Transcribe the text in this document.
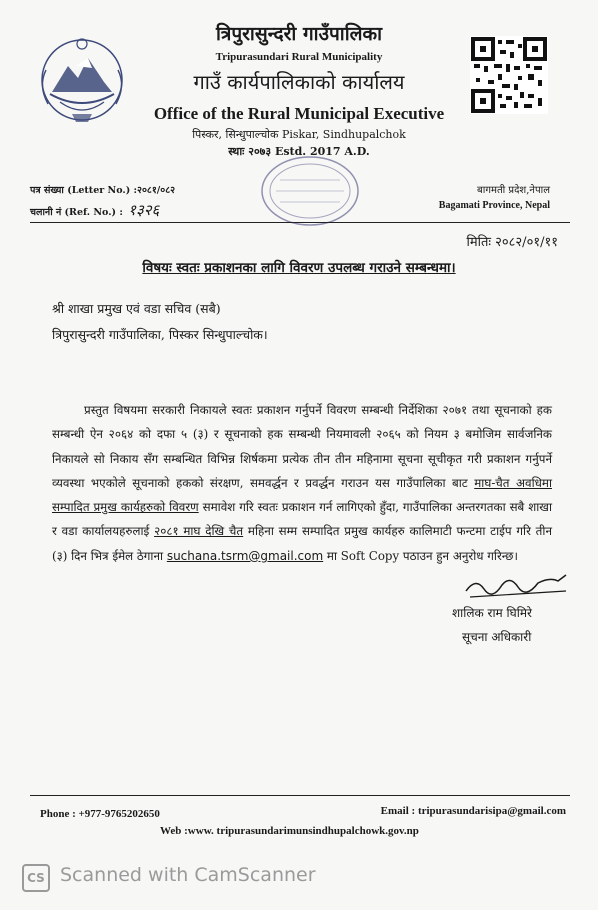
त्रिपुरासुन्दरी गाउँपालिका
Tripurasundari Rural Municipality
गाउँ कार्यपालिकाको कार्यालय
Office of the Rural Municipal Executive
पिस्कर, सिन्धुपाल्चोक Piskar, Sindhupalchok
स्थाः २०७३ Estd. 2017 A.D.
पत्र संख्या (Letter No.) :२०८१/०८२
चलानी नं (Ref. No.) : १३२६
बागमती प्रदेश,नेपाल
Bagamati Province, Nepal
मितिः २०८२/०१/११
विषयः स्वतः प्रकाशनका लागि विवरण उपलब्ध गराउने सम्बन्धमा।
श्री शाखा प्रमुख एवं वडा सचिव (सबै)
त्रिपुरासुन्दरी गाउँपालिका, पिस्कर सिन्धुपाल्चोक।

प्रस्तुत विषयमा सरकारी निकायले स्वतः प्रकाशन गर्नुपर्ने विवरण सम्बन्धी निर्देशिका २०७१ तथा सूचनाको हक सम्बन्धी ऐन २०६४ को दफा ५ (३) र सूचनाको हक सम्बन्धी नियमावली २०६५ को नियम ३ बमोजिम सार्वजनिक निकायले सो निकाय सँग सम्बन्धित विभिन्न शिर्षकमा प्रत्येक तीन तीन महिनामा सूचना सूचीकृत गरी प्रकाशन गर्नुपर्ने व्यवस्था भएकोले सूचनाको हकको संरक्षण, समवर्द्धन र प्रवर्द्धन गराउन यस गाउँपालिका बाट माघ-चैत अवधिमा सम्पादित प्रमुख कार्यहरुको विवरण समावेश गरि स्वतः प्रकाशन गर्न लागिएको हुँदा, गाउँपालिका अन्तरगतका सबै शाखा र वडा कार्यालयहरुलाई २०८१ माघ देखि चैत महिना सम्म सम्पादित प्रमुख कार्यहरु कालिमाटी फन्टमा टाईप गरि तीन (३) दिन भित्र ईमेल ठेगाना suchana.tsrm@gmail.com मा Soft Copy पठाउन हुन अनुरोध गरिन्छ।

शालिक राम घिमिरे
सूचना अधिकारी
Phone : +977-9765202650	Email : tripurasundarisipa@gmail.com
Web :www. tripurasundarimunsindhupalchowk.gov.np
CS Scanned with CamScanner
